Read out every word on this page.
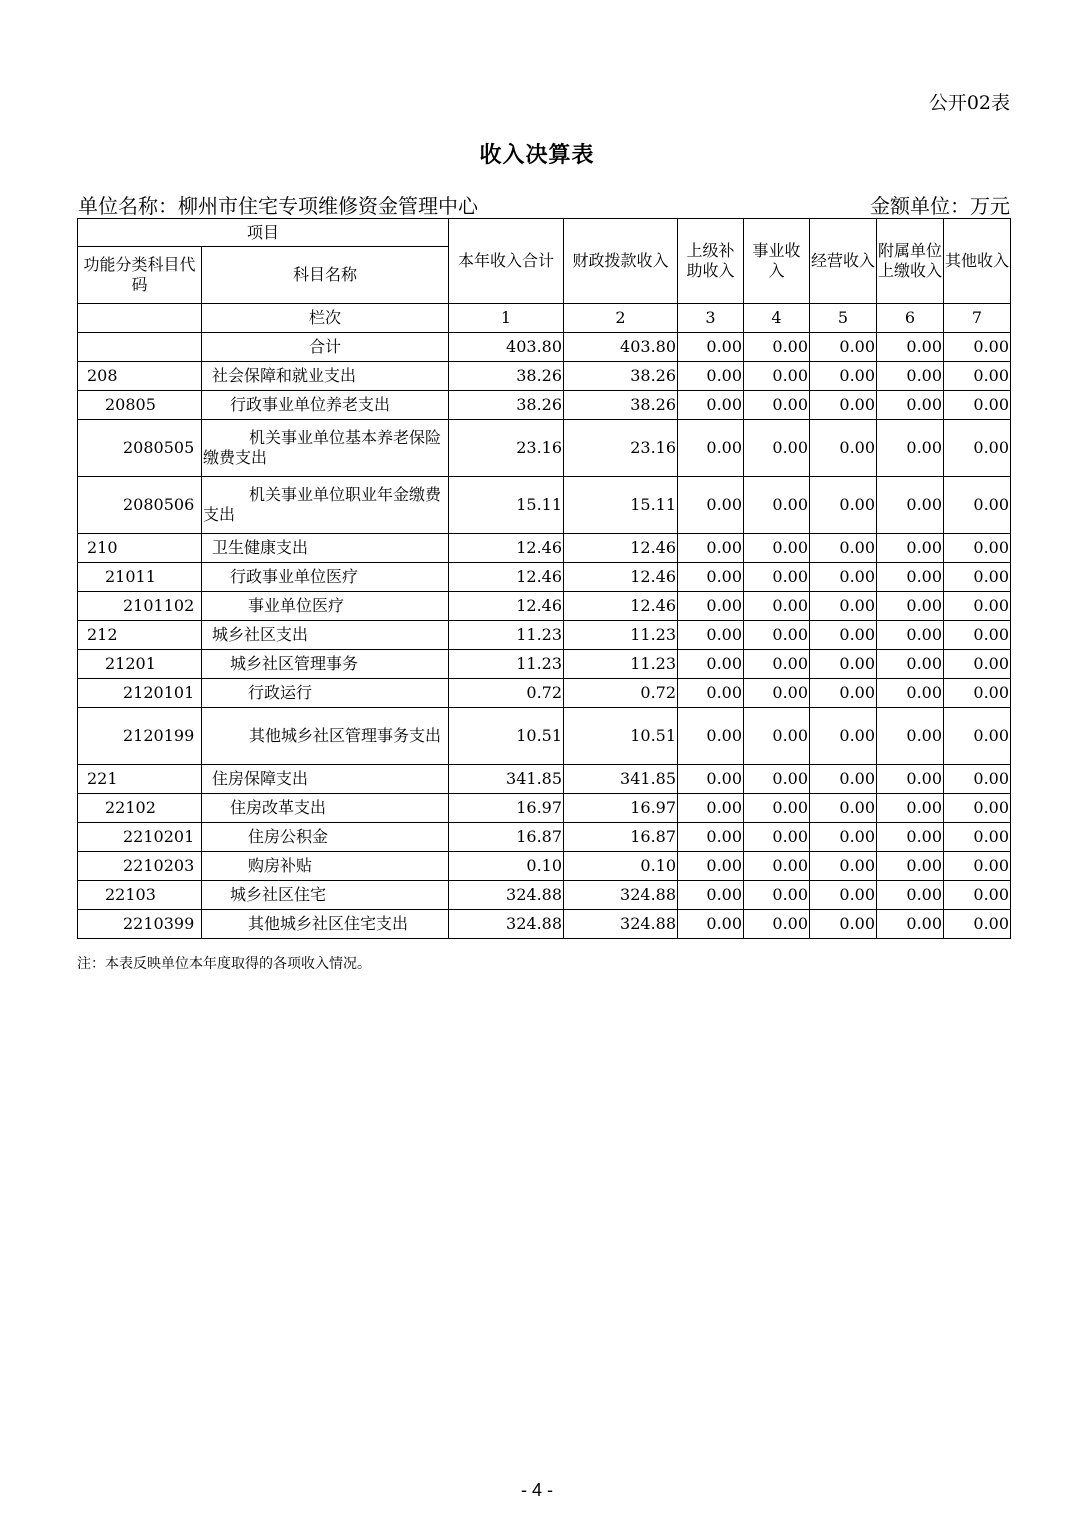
公开02表
收入决算表
单位名称：柳州市住宅专项维修资金管理中心	金额单位：万元
项目		本年收入合计	财政拨款收入	上级补助收入	事业收入	经营收入	附属单位上缴收入	其他收入
功能分类科目代码	科目名称							
	栏次	1	2	3	4	5	6	7
	合计	403.80	403.80	0.00	0.00	0.00	0.00	0.00
208	社会保障和就业支出	38.26	38.26	0.00	0.00	0.00	0.00	0.00
20805	行政事业单位养老支出	38.26	38.26	0.00	0.00	0.00	0.00	0.00
2080505	机关事业单位基本养老保险缴费支出	23.16	23.16	0.00	0.00	0.00	0.00	0.00
2080506	机关事业单位职业年金缴费支出	15.11	15.11	0.00	0.00	0.00	0.00	0.00
210	卫生健康支出	12.46	12.46	0.00	0.00	0.00	0.00	0.00
21011	行政事业单位医疗	12.46	12.46	0.00	0.00	0.00	0.00	0.00
2101102	事业单位医疗	12.46	12.46	0.00	0.00	0.00	0.00	0.00
212	城乡社区支出	11.23	11.23	0.00	0.00	0.00	0.00	0.00
21201	城乡社区管理事务	11.23	11.23	0.00	0.00	0.00	0.00	0.00
2120101	行政运行	0.72	0.72	0.00	0.00	0.00	0.00	0.00
2120199	其他城乡社区管理事务支出	10.51	10.51	0.00	0.00	0.00	0.00	0.00
221	住房保障支出	341.85	341.85	0.00	0.00	0.00	0.00	0.00
22102	住房改革支出	16.97	16.97	0.00	0.00	0.00	0.00	0.00
2210201	住房公积金	16.87	16.87	0.00	0.00	0.00	0.00	0.00
2210203	购房补贴	0.10	0.10	0.00	0.00	0.00	0.00	0.00
22103	城乡社区住宅	324.88	324.88	0.00	0.00	0.00	0.00	0.00
2210399	其他城乡社区住宅支出	324.88	324.88	0.00	0.00	0.00	0.00	0.00
注：本表反映单位本年度取得的各项收入情况。
- 4 -
